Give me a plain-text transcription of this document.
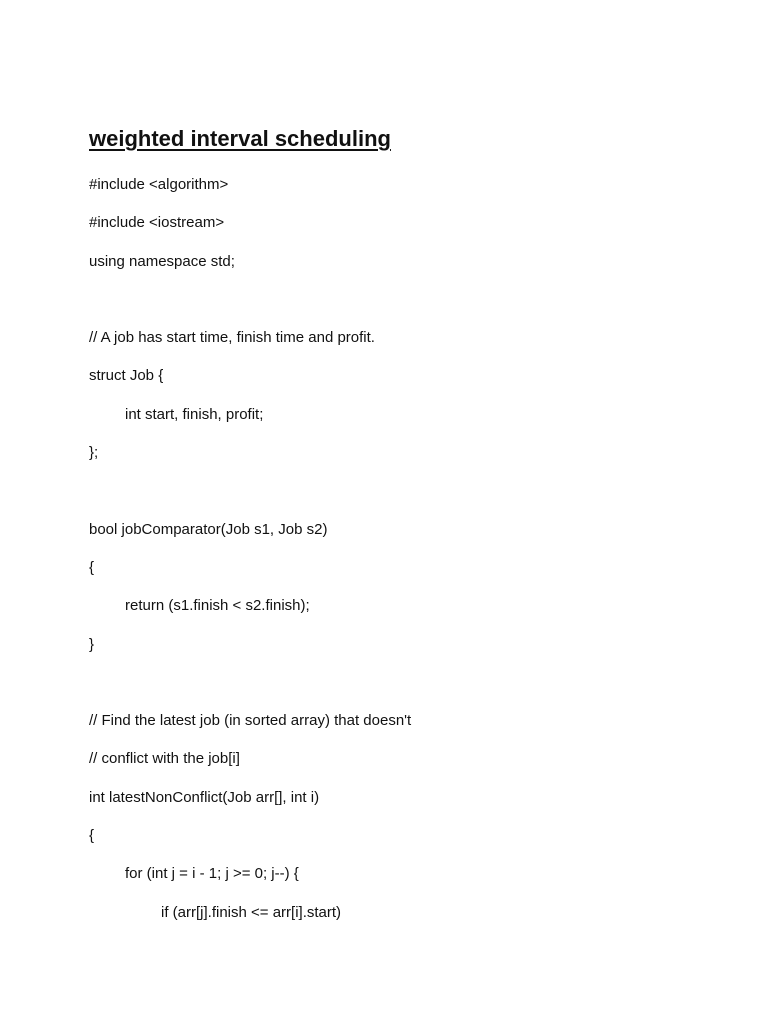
weighted interval scheduling
#include <algorithm>
#include <iostream>
using namespace std;
// A job has start time, finish time and profit.
struct Job {
int start, finish, profit;
};
bool jobComparator(Job s1, Job s2)
{
return (s1.finish < s2.finish);
}
// Find the latest job (in sorted array) that doesn't
// conflict with the job[i]
int latestNonConflict(Job arr[], int i)
{
for (int j = i - 1; j >= 0; j--) {
if (arr[j].finish <= arr[i].start)
